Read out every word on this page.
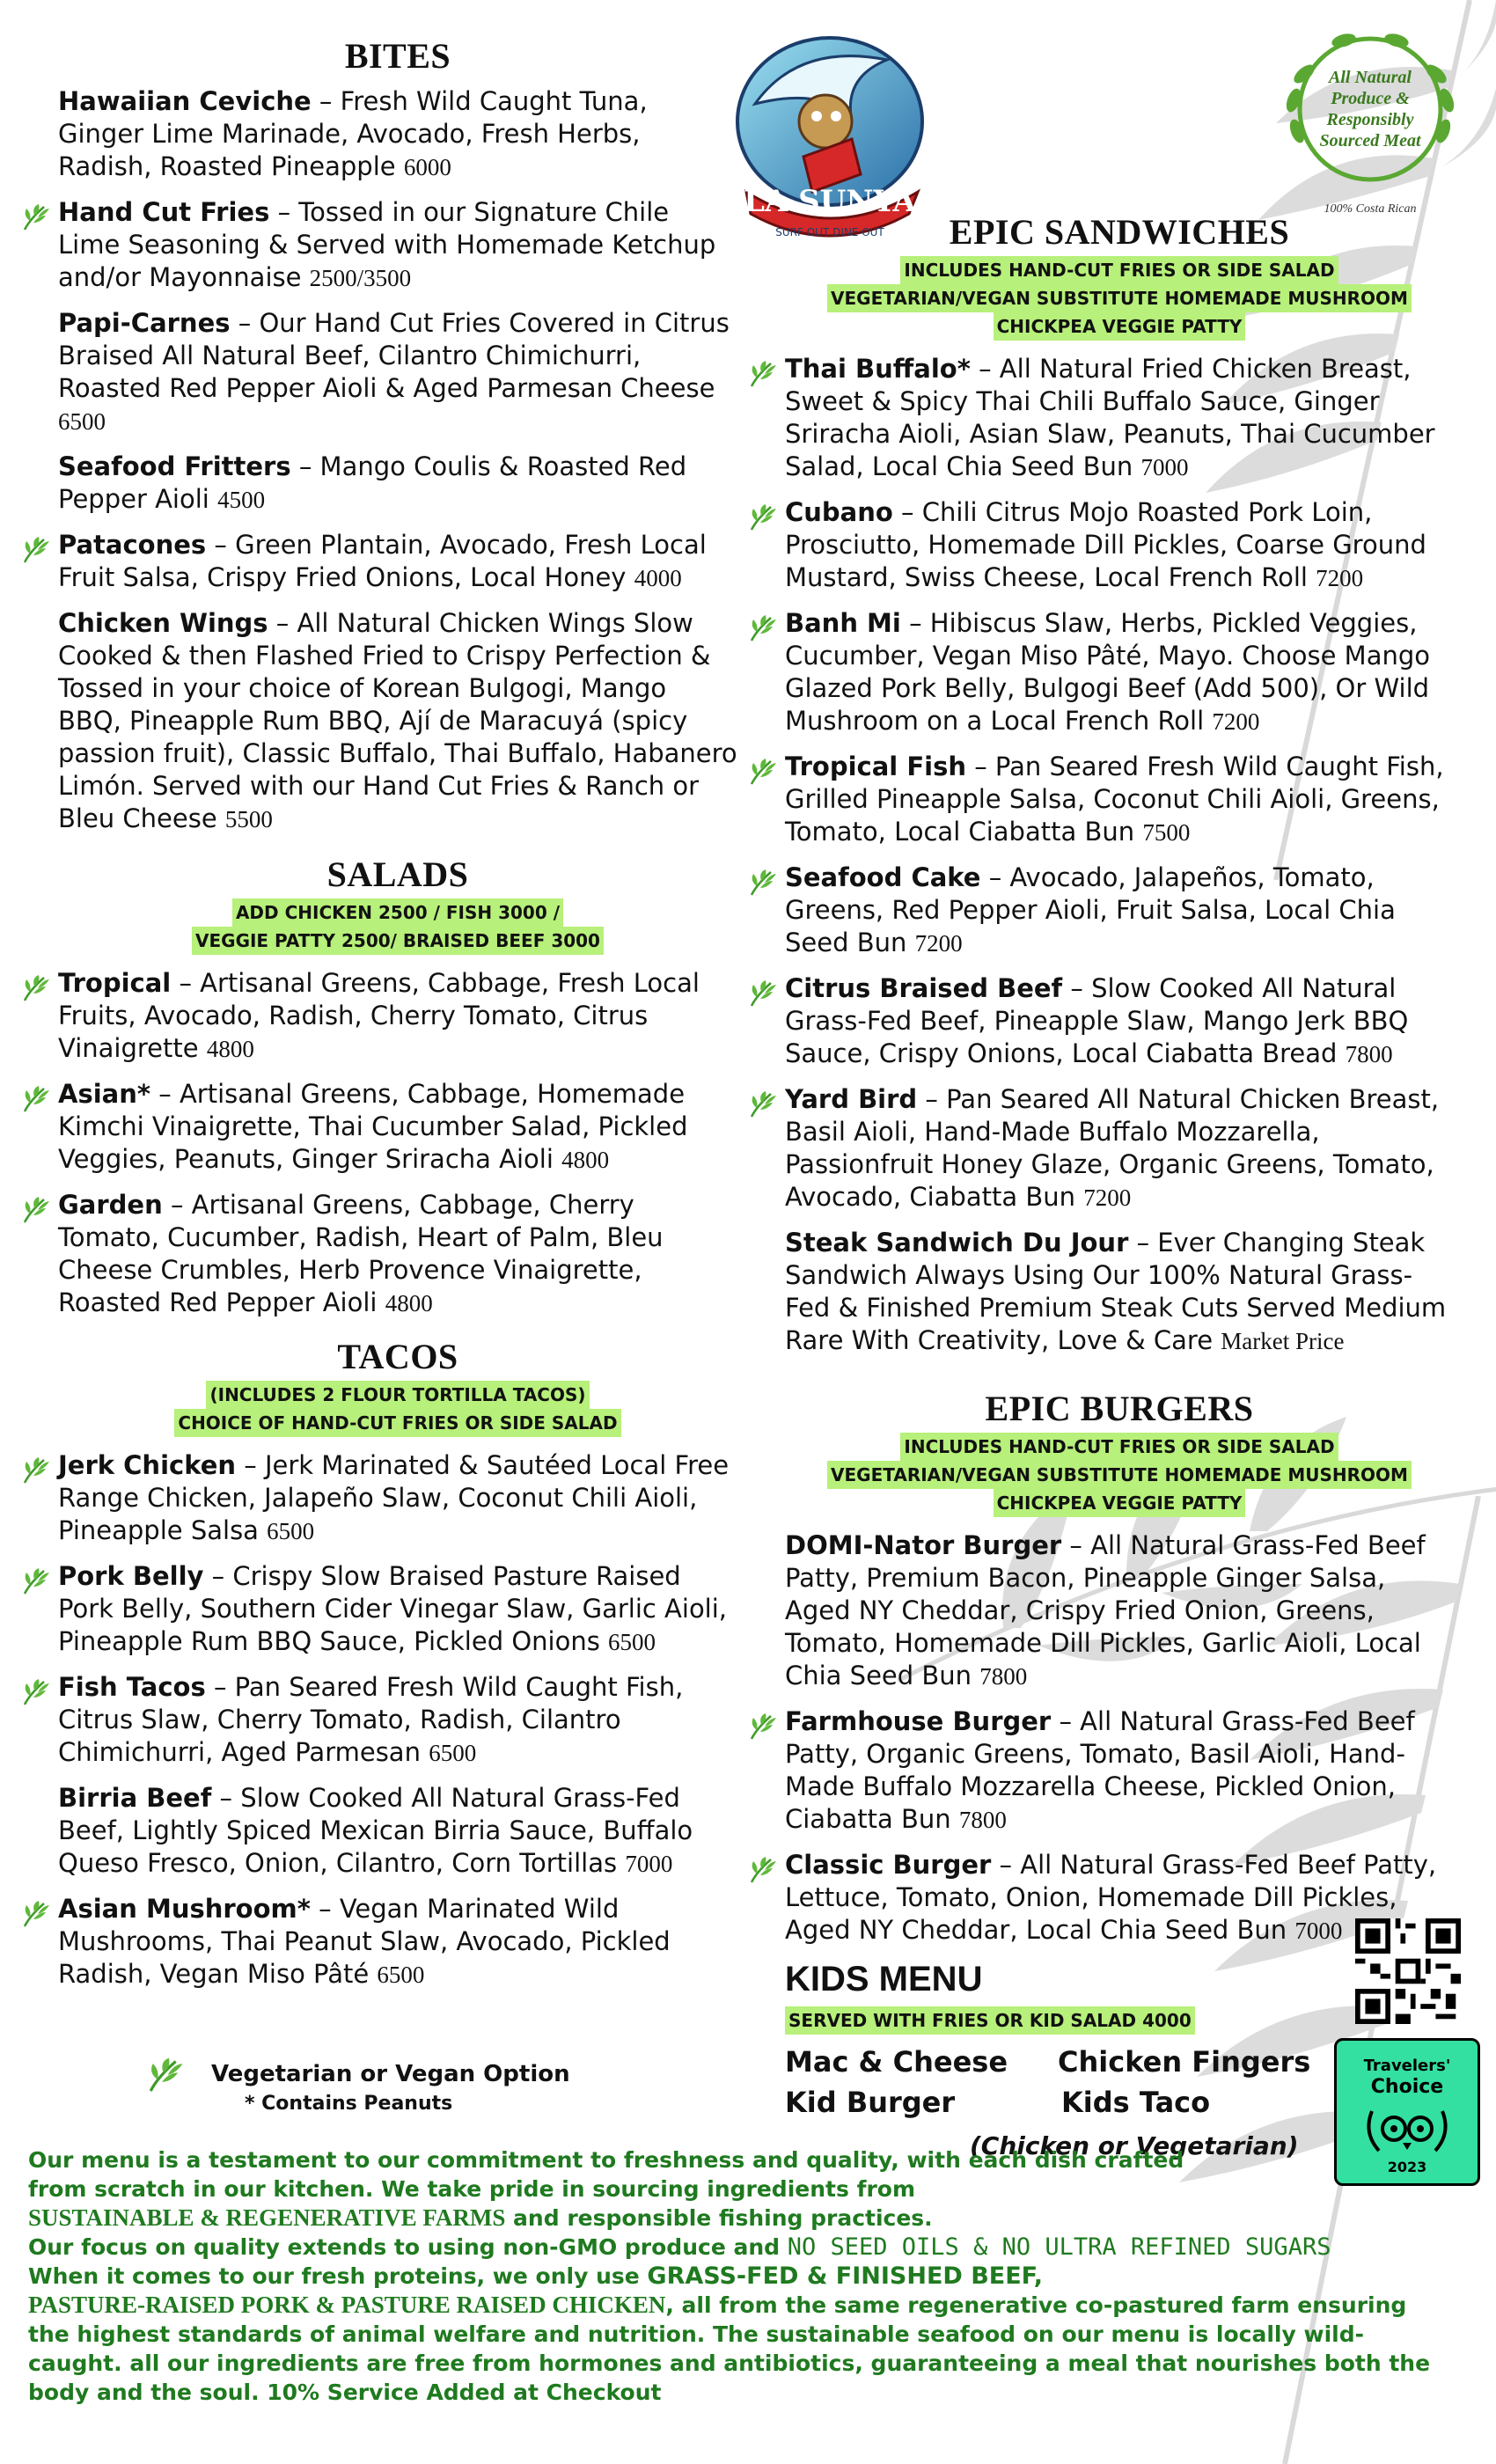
LA SUNYA
SURF OUT DINE OUT
All Natural Produce & Responsibly Sourced Meat
100% Costa Rican
BITES
Hawaiian Ceviche – Fresh Wild Caught Tuna, Ginger Lime Marinade, Avocado, Fresh Herbs, Radish, Roasted Pineapple 6000
Hand Cut Fries – Tossed in our Signature Chile Lime Seasoning & Served with Homemade Ketchup and/or Mayonnaise 2500/3500
Papi-Carnes – Our Hand Cut Fries Covered in Citrus Braised All Natural Beef, Cilantro Chimichurri, Roasted Red Pepper Aioli & Aged Parmesan Cheese 6500
Seafood Fritters – Mango Coulis & Roasted Red Pepper Aioli 4500
Patacones – Green Plantain, Avocado, Fresh Local Fruit Salsa, Crispy Fried Onions, Local Honey 4000
Chicken Wings – All Natural Chicken Wings Slow Cooked & then Flashed Fried to Crispy Perfection & Tossed in your choice of Korean Bulgogi, Mango BBQ, Pineapple Rum BBQ, Ají de Maracuyá (spicy passion fruit), Classic Buffalo, Thai Buffalo, Habanero Limón. Served with our Hand Cut Fries & Ranch or Bleu Cheese 5500
SALADS
ADD CHICKEN 2500 / FISH 3000 /
VEGGIE PATTY 2500/ BRAISED BEEF 3000
Tropical – Artisanal Greens, Cabbage, Fresh Local Fruits, Avocado, Radish, Cherry Tomato, Citrus Vinaigrette 4800
Asian* – Artisanal Greens, Cabbage, Homemade Kimchi Vinaigrette, Thai Cucumber Salad, Pickled Veggies, Peanuts, Ginger Sriracha Aioli 4800
Garden – Artisanal Greens, Cabbage, Cherry Tomato, Cucumber, Radish, Heart of Palm, Bleu Cheese Crumbles, Herb Provence Vinaigrette, Roasted Red Pepper Aioli 4800
TACOS
(INCLUDES 2 FLOUR TORTILLA TACOS)
CHOICE OF HAND-CUT FRIES OR SIDE SALAD
Jerk Chicken – Jerk Marinated & Sautéed Local Free Range Chicken, Jalapeño Slaw, Coconut Chili Aioli, Pineapple Salsa 6500
Pork Belly – Crispy Slow Braised Pasture Raised Pork Belly, Southern Cider Vinegar Slaw, Garlic Aioli, Pineapple Rum BBQ Sauce, Pickled Onions 6500
Fish Tacos – Pan Seared Fresh Wild Caught Fish, Citrus Slaw, Cherry Tomato, Radish, Cilantro Chimichurri, Aged Parmesan 6500
Birria Beef – Slow Cooked All Natural Grass-Fed Beef, Lightly Spiced Mexican Birria Sauce, Buffalo Queso Fresco, Onion, Cilantro, Corn Tortillas 7000
Asian Mushroom* – Vegan Marinated Wild Mushrooms, Thai Peanut Slaw, Avocado, Pickled Radish, Vegan Miso Pâté 6500
Vegetarian or Vegan Option
* Contains Peanuts
EPIC SANDWICHES
INCLUDES HAND-CUT FRIES OR SIDE SALAD
VEGETARIAN/VEGAN SUBSTITUTE HOMEMADE MUSHROOM
CHICKPEA VEGGIE PATTY
Thai Buffalo* – All Natural Fried Chicken Breast, Sweet & Spicy Thai Chili Buffalo Sauce, Ginger Sriracha Aioli, Asian Slaw, Peanuts, Thai Cucumber Salad, Local Chia Seed Bun 7000
Cubano – Chili Citrus Mojo Roasted Pork Loin, Prosciutto, Homemade Dill Pickles, Coarse Ground Mustard, Swiss Cheese, Local French Roll 7200
Banh Mi – Hibiscus Slaw, Herbs, Pickled Veggies, Cucumber, Vegan Miso Pâté, Mayo. Choose Mango Glazed Pork Belly, Bulgogi Beef (Add 500), Or Wild Mushroom on a Local French Roll 7200
Tropical Fish – Pan Seared Fresh Wild Caught Fish, Grilled Pineapple Salsa, Coconut Chili Aioli, Greens, Tomato, Local Ciabatta Bun 7500
Seafood Cake – Avocado, Jalapeños, Tomato, Greens, Red Pepper Aioli, Fruit Salsa, Local Chia Seed Bun 7200
Citrus Braised Beef – Slow Cooked All Natural Grass-Fed Beef, Pineapple Slaw, Mango Jerk BBQ Sauce, Crispy Onions, Local Ciabatta Bread 7800
Yard Bird – Pan Seared All Natural Chicken Breast, Basil Aioli, Hand-Made Buffalo Mozzarella, Passionfruit Honey Glaze, Organic Greens, Tomato, Avocado, Ciabatta Bun 7200
Steak Sandwich Du Jour – Ever Changing Steak Sandwich Always Using Our 100% Natural Grass-Fed & Finished Premium Steak Cuts Served Medium Rare With Creativity, Love & Care Market Price
EPIC BURGERS
INCLUDES HAND-CUT FRIES OR SIDE SALAD
VEGETARIAN/VEGAN SUBSTITUTE HOMEMADE MUSHROOM
CHICKPEA VEGGIE PATTY
DOMI-Nator Burger – All Natural Grass-Fed Beef Patty, Premium Bacon, Pineapple Ginger Salsa, Aged NY Cheddar, Crispy Fried Onion, Greens, Tomato, Homemade Dill Pickles, Garlic Aioli, Local Chia Seed Bun 7800
Farmhouse Burger – All Natural Grass-Fed Beef Patty, Organic Greens, Tomato, Basil Aioli, Hand-Made Buffalo Mozzarella Cheese, Pickled Onion, Ciabatta Bun 7800
Classic Burger – All Natural Grass-Fed Beef Patty, Lettuce, Tomato, Onion, Homemade Dill Pickles, Aged NY Cheddar, Local Chia Seed Bun 7000
KIDS MENU
SERVED WITH FRIES OR KID SALAD 4000
Mac & Cheese Chicken Fingers
Kid Burger	Kids Taco
(Chicken or Vegetarian)
Travelers'
Choice
2023
Our menu is a testament to our commitment to freshness and quality, with each dish crafted
from scratch in our kitchen. We take pride in sourcing ingredients from
SUSTAINABLE & REGENERATIVE FARMS and responsible fishing practices.
Our focus on quality extends to using non-GMO produce and NO SEED OILS & NO ULTRA REFINED SUGARS
When it comes to our fresh proteins, we only use GRASS-FED & FINISHED BEEF,
PASTURE-RAISED PORK & PASTURE RAISED CHICKEN, all from the same regenerative co-pastured farm ensuring
the highest standards of animal welfare and nutrition. The sustainable seafood on our menu is locally wild-
caught. all our ingredients are free from hormones and antibiotics, guaranteeing a meal that nourishes both the
body and the soul. 10% Service Added at Checkout
